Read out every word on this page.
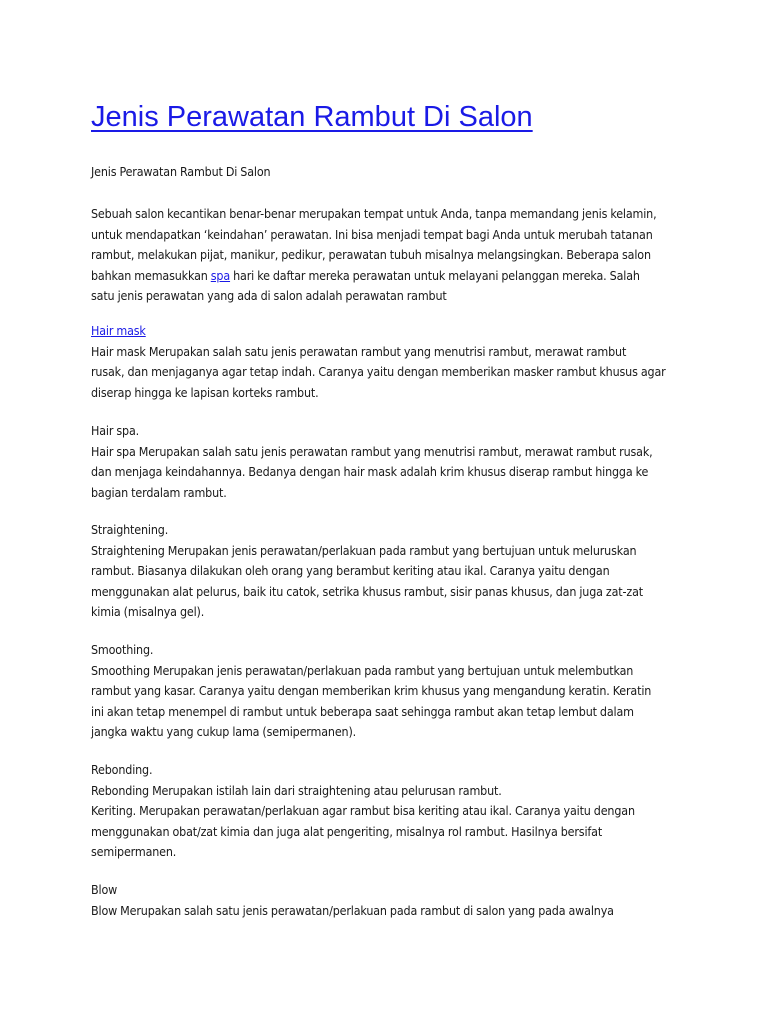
Jenis Perawatan Rambut Di Salon
Jenis Perawatan Rambut Di Salon
Sebuah salon kecantikan benar-benar merupakan tempat untuk Anda, tanpa memandang jenis kelamin,
untuk mendapatkan ‘keindahan’ perawatan. Ini bisa menjadi tempat bagi Anda untuk merubah tatanan
rambut, melakukan pijat, manikur, pedikur, perawatan tubuh misalnya melangsingkan. Beberapa salon
bahkan memasukkan spa hari ke daftar mereka perawatan untuk melayani pelanggan mereka. Salah
satu jenis perawatan yang ada di salon adalah perawatan rambut
Hair mask
Hair mask Merupakan salah satu jenis perawatan rambut yang menutrisi rambut, merawat rambut
rusak, dan menjaganya agar tetap indah. Caranya yaitu dengan memberikan masker rambut khusus agar
diserap hingga ke lapisan korteks rambut.
Hair spa.
Hair spa Merupakan salah satu jenis perawatan rambut yang menutrisi rambut, merawat rambut rusak,
dan menjaga keindahannya. Bedanya dengan hair mask adalah krim khusus diserap rambut hingga ke
bagian terdalam rambut.
Straightening.
Straightening Merupakan jenis perawatan/perlakuan pada rambut yang bertujuan untuk meluruskan
rambut. Biasanya dilakukan oleh orang yang berambut keriting atau ikal. Caranya yaitu dengan
menggunakan alat pelurus, baik itu catok, setrika khusus rambut, sisir panas khusus, dan juga zat-zat
kimia (misalnya gel).
Smoothing.
Smoothing Merupakan jenis perawatan/perlakuan pada rambut yang bertujuan untuk melembutkan
rambut yang kasar. Caranya yaitu dengan memberikan krim khusus yang mengandung keratin. Keratin
ini akan tetap menempel di rambut untuk beberapa saat sehingga rambut akan tetap lembut dalam
jangka waktu yang cukup lama (semipermanen).
Rebonding.
Rebonding Merupakan istilah lain dari straightening atau pelurusan rambut.
Keriting. Merupakan perawatan/perlakuan agar rambut bisa keriting atau ikal. Caranya yaitu dengan
menggunakan obat/zat kimia dan juga alat pengeriting, misalnya rol rambut. Hasilnya bersifat
semipermanen.
Blow
Blow Merupakan salah satu jenis perawatan/perlakuan pada rambut di salon yang pada awalnya
